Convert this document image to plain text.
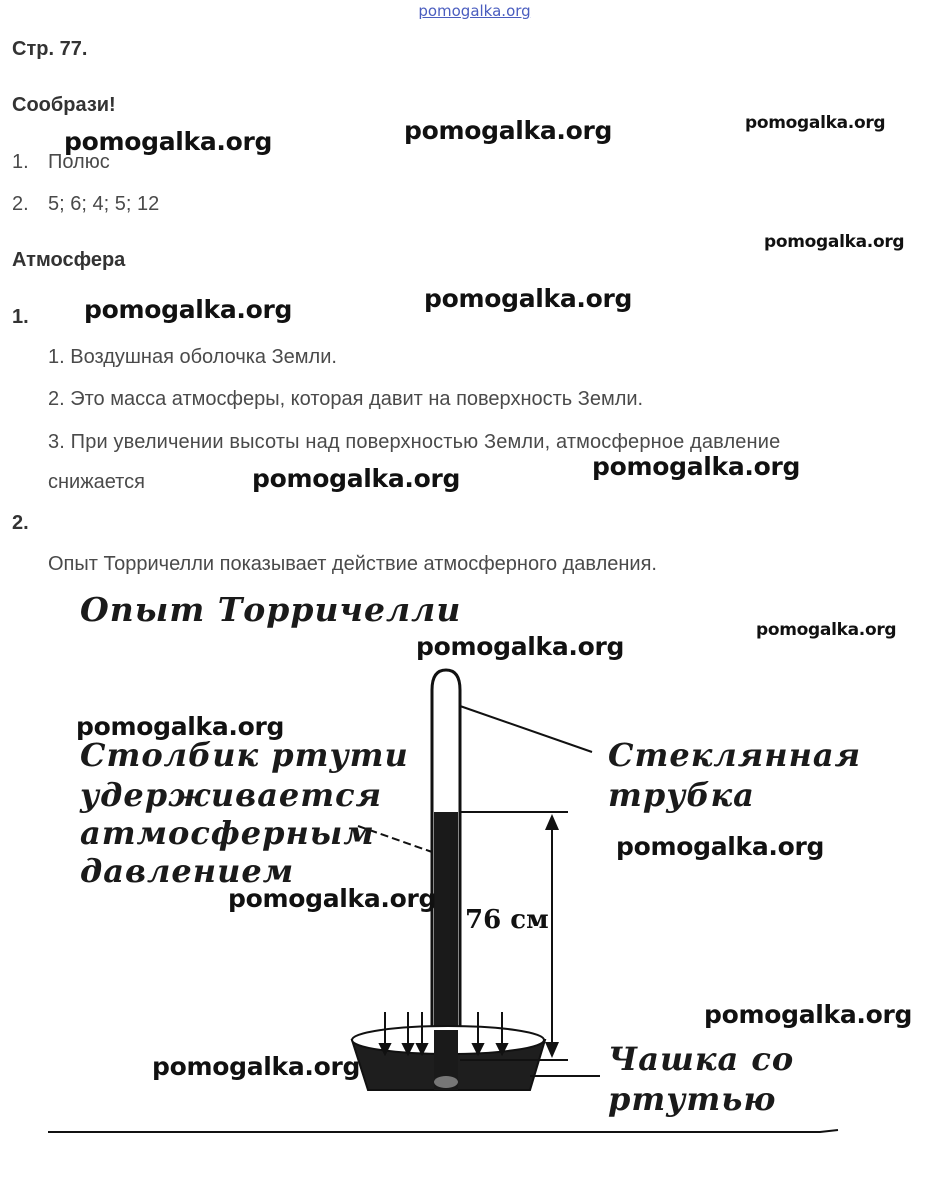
pomogalka.org
Стр. 77.
Сообрази!
1. Полюс
2. 5; 6; 4; 5; 12
Атмосфера
1.
1. Воздушная оболочка Земли.
2. Это масса атмосферы, которая давит на поверхность Земли.
3. При увеличении высоты над поверхностью Земли, атмосферное давление
снижается
2.
Опыт Торричелли показывает действие атмосферного давления.
Опыт Торричелли
Столбик ртути
удерживается
атмосферным
давлением
Стеклянная
трубка
76 см
Чашка со
ртутью
pomogalka.org	pomogalka.org	pomogalka.org
pomogalka.org
pomogalka.org	pomogalka.org
pomogalka.org
pomogalka.org
pomogalka.org
pomogalka.org
pomogalka.org
pomogalka.org
pomogalka.org
pomogalka.org
pomogalka.org
